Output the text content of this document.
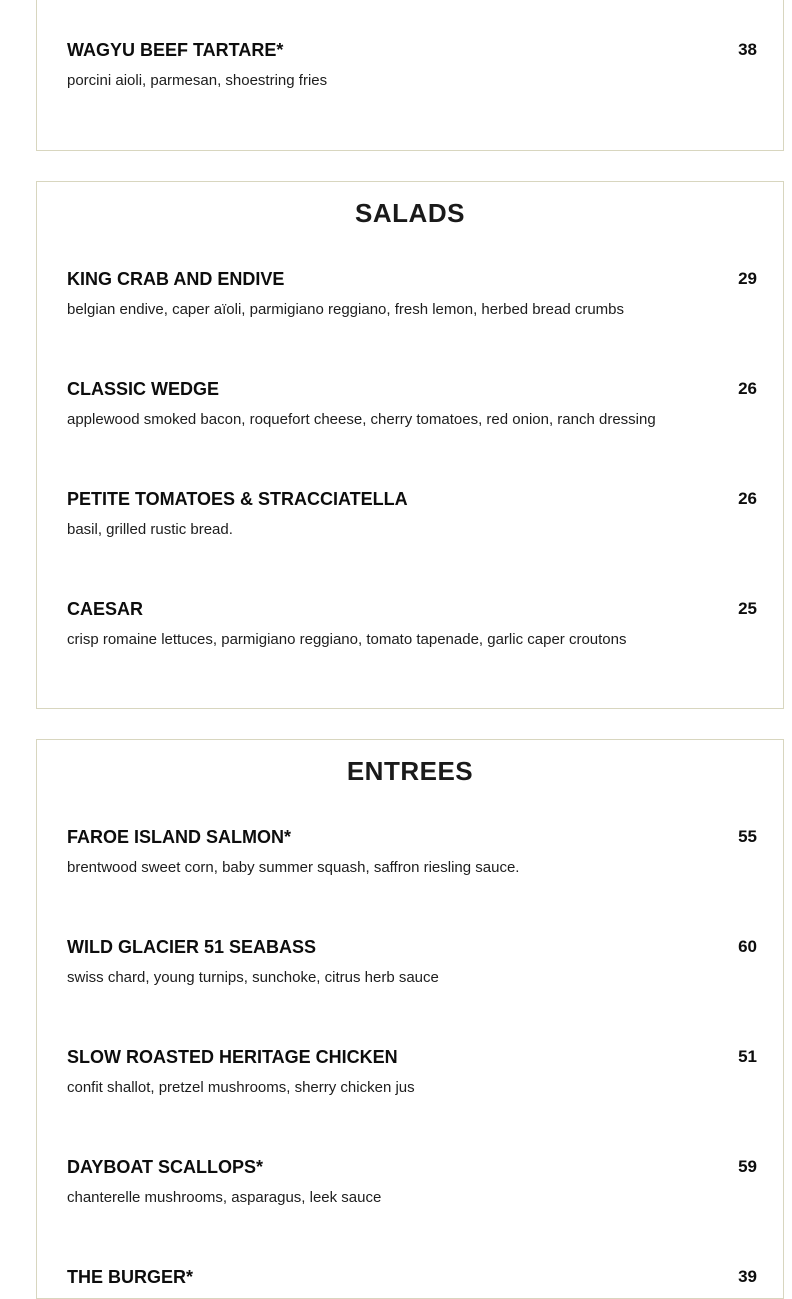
WAGYU BEEF TARTARE*	38
porcini aioli, parmesan, shoestring fries
SALADS
KING CRAB AND ENDIVE	29
belgian endive, caper aïoli, parmigiano reggiano, fresh lemon, herbed bread crumbs
CLASSIC WEDGE	26
applewood smoked bacon, roquefort cheese, cherry tomatoes, red onion, ranch dressing
PETITE TOMATOES & STRACCIATELLA	26
basil, grilled rustic bread.
CAESAR	25
crisp romaine lettuces, parmigiano reggiano, tomato tapenade, garlic caper croutons
ENTREES
FAROE ISLAND SALMON*	55
brentwood sweet corn, baby summer squash, saffron riesling sauce.
WILD GLACIER 51 SEABASS	60
swiss chard, young turnips, sunchoke, citrus herb sauce
SLOW ROASTED HERITAGE CHICKEN	51
confit shallot, pretzel mushrooms, sherry chicken jus
DAYBOAT SCALLOPS*	59
chanterelle mushrooms, asparagus, leek sauce
THE BURGER*	39
